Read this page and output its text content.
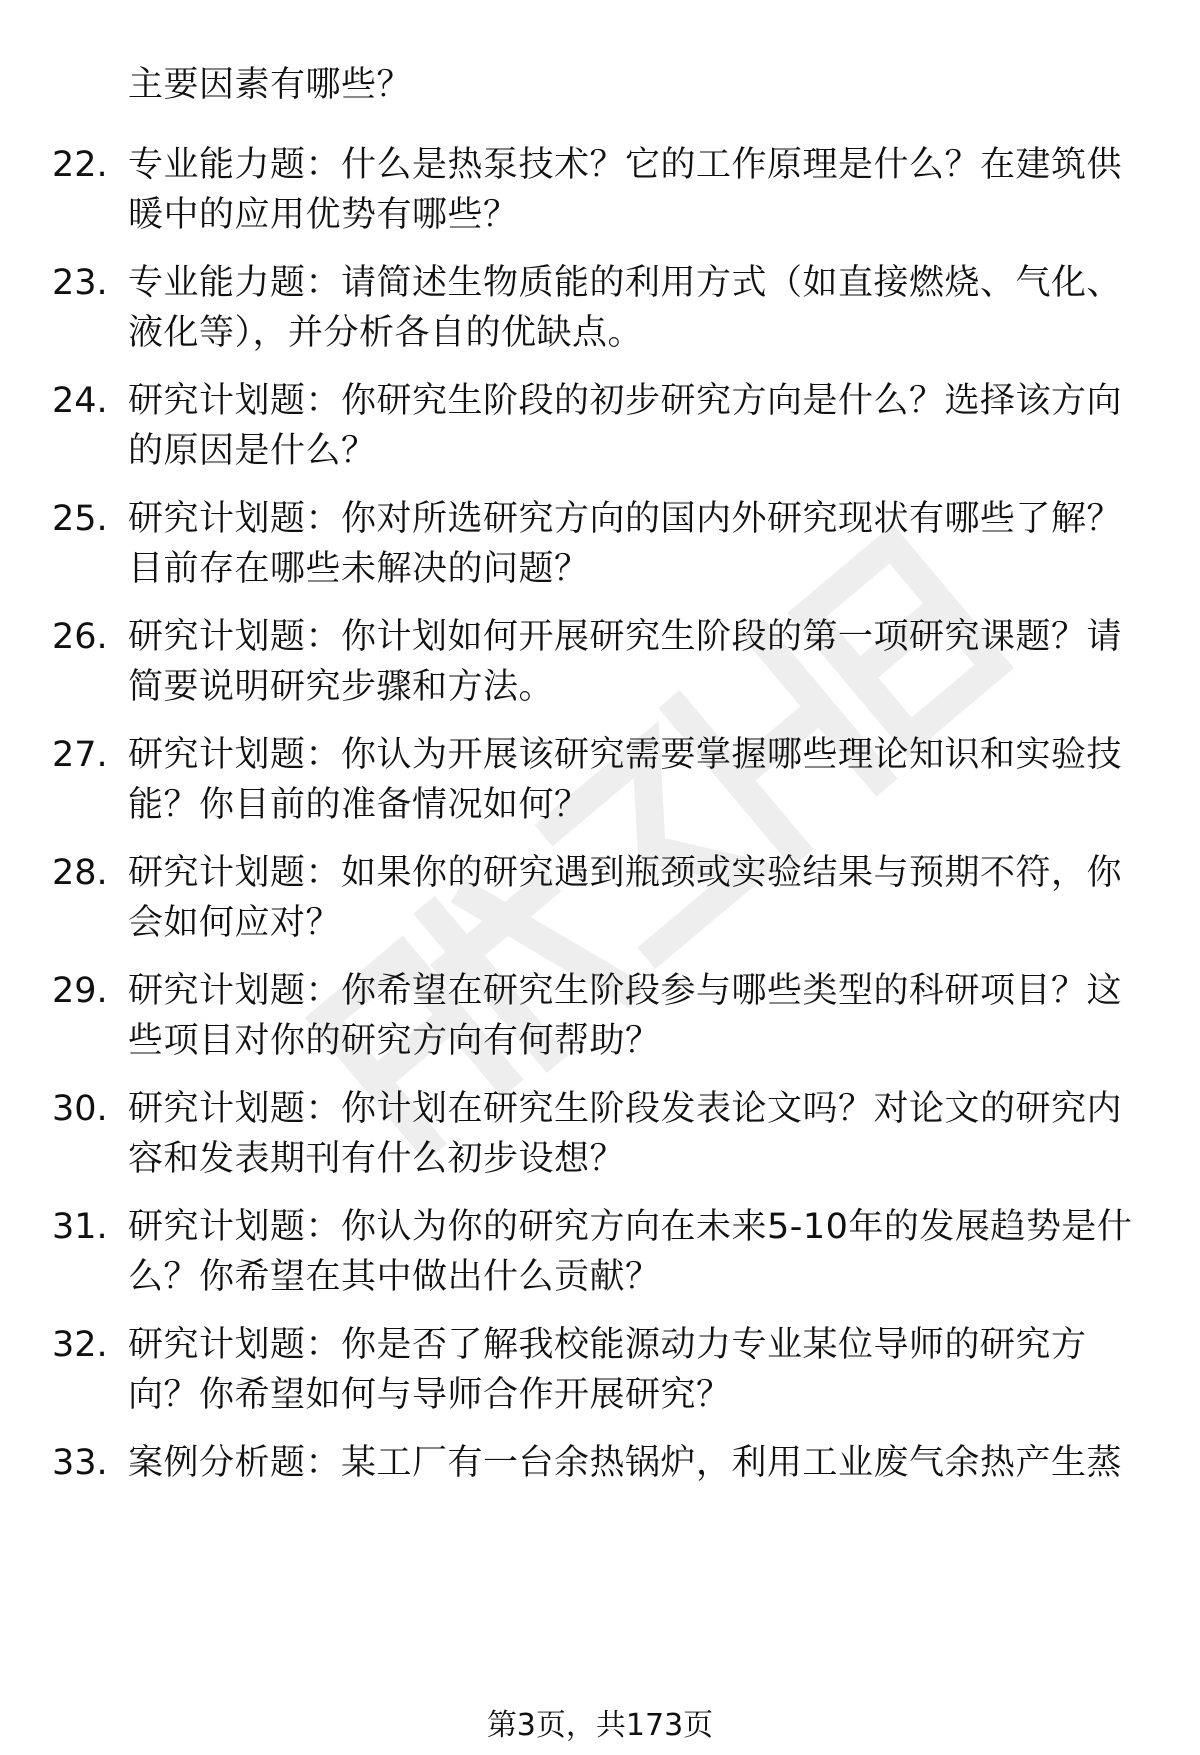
主要因素有哪些？
22. 专业能力题：什么是热泵技术？它的工作原理是什么？在建筑供
暖中的应用优势有哪些？
23. 专业能力题：请简述生物质能的利用方式（如直接燃烧、气化、
液化等），并分析各自的优缺点。
24. 研究计划题：你研究生阶段的初步研究方向是什么？选择该方向
的原因是什么？
25. 研究计划题：你对所选研究方向的国内外研究现状有哪些了解？
目前存在哪些未解决的问题？
26. 研究计划题：你计划如何开展研究生阶段的第一项研究课题？请
简要说明研究步骤和方法。
27. 研究计划题：你认为开展该研究需要掌握哪些理论知识和实验技
能？你目前的准备情况如何？
28. 研究计划题：如果你的研究遇到瓶颈或实验结果与预期不符，你
会如何应对？
29. 研究计划题：你希望在研究生阶段参与哪些类型的科研项目？这
些项目对你的研究方向有何帮助？
30. 研究计划题：你计划在研究生阶段发表论文吗？对论文的研究内
容和发表期刊有什么初步设想？
31. 研究计划题：你认为你的研究方向在未来5-10年的发展趋势是什
么？你希望在其中做出什么贡献？
32. 研究计划题：你是否了解我校能源动力专业某位导师的研究方
向？你希望如何与导师合作开展研究？
33. 案例分析题：某工厂有一台余热锅炉，利用工业废气余热产生蒸
第3页，共173页
